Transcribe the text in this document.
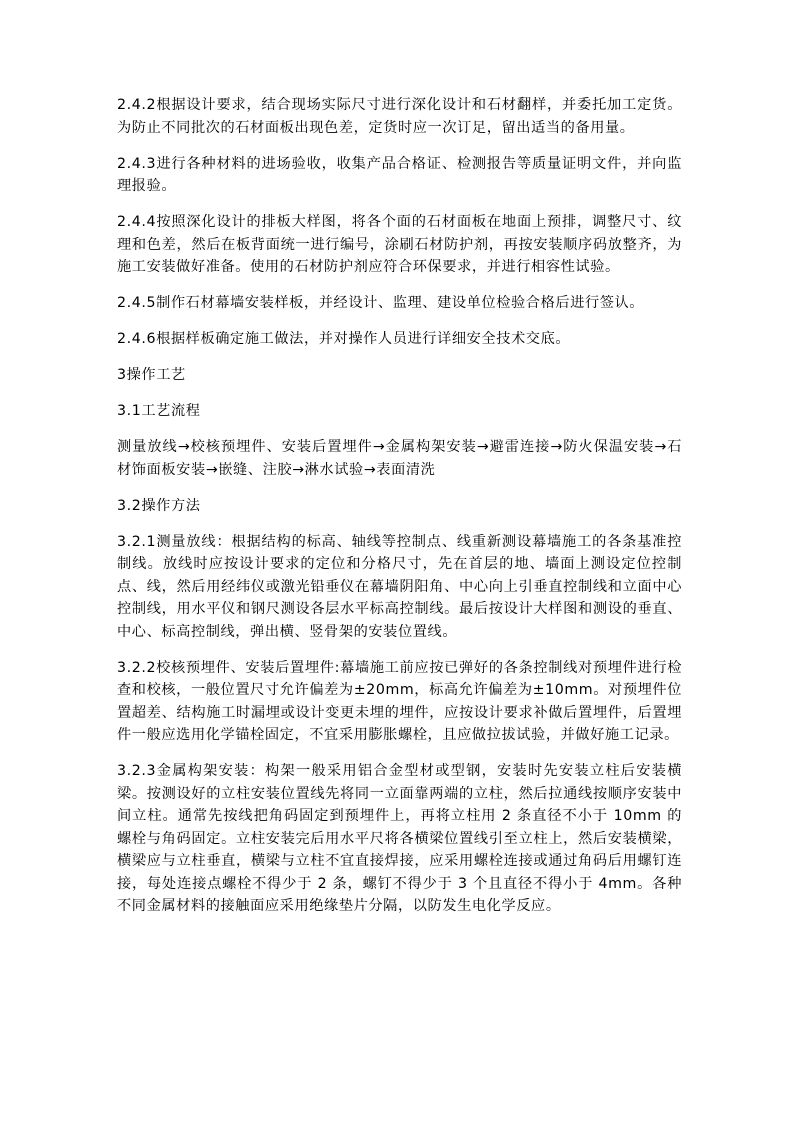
2.4.2根据设计要求，结合现场实际尺寸进行深化设计和石材翻样，并委托加工定货。为防止不同批次的石材面板出现色差，定货时应一次订足，留出适当的备用量。

2.4.3进行各种材料的进场验收，收集产品合格证、检测报告等质量证明文件，并向监理报验。

2.4.4按照深化设计的排板大样图，将各个面的石材面板在地面上预排，调整尺寸、纹理和色差，然后在板背面统一进行编号，涂刷石材防护剂，再按安装顺序码放整齐，为施工安装做好准备。使用的石材防护剂应符合环保要求，并进行相容性试验。

2.4.5制作石材幕墙安装样板，并经设计、监理、建设单位检验合格后进行签认。

2.4.6根据样板确定施工做法，并对操作人员进行详细安全技术交底。

3操作工艺

3.1工艺流程

测量放线→校核预埋件、安装后置埋件→金属构架安装→避雷连接→防火保温安装→石材饰面板安装→嵌缝、注胶→淋水试验→表面清洗

3.2操作方法

3.2.1测量放线：根据结构的标高、轴线等控制点、线重新测设幕墙施工的各条基准控制线。放线时应按设计要求的定位和分格尺寸，先在首层的地、墙面上测设定位控制点、线，然后用经纬仪或激光铅垂仪在幕墙阴阳角、中心向上引垂直控制线和立面中心控制线，用水平仪和钢尺测设各层水平标高控制线。最后按设计大样图和测设的垂直、中心、标高控制线，弹出横、竖骨架的安装位置线。

3.2.2校核预埋件、安装后置埋件:幕墙施工前应按已弹好的各条控制线对预埋件进行检查和校核，一般位置尺寸允许偏差为±20mm，标高允许偏差为±10mm。对预埋件位置超差、结构施工时漏埋或设计变更未埋的埋件，应按设计要求补做后置埋件，后置埋件一般应选用化学锚栓固定，不宜采用膨胀螺栓，且应做拉拔试验，并做好施工记录。

3.2.3金属构架安装：构架一般采用铝合金型材或型钢，安装时先安装立柱后安装横梁。按测设好的立柱安装位置线先将同一立面靠两端的立柱，然后拉通线按顺序安装中间立柱。通常先按线把角码固定到预埋件上，再将立柱用 2 条直径不小于 10mm 的螺栓与角码固定。立柱安装完后用水平尺将各横梁位置线引至立柱上，然后安装横梁，横梁应与立柱垂直，横梁与立柱不宜直接焊接，应采用螺栓连接或通过角码后用螺钉连接，每处连接点螺栓不得少于 2 条，螺钉不得少于 3 个且直径不得小于 4mm。各种不同金属材料的接触面应采用绝缘垫片分隔，以防发生电化学反应。
